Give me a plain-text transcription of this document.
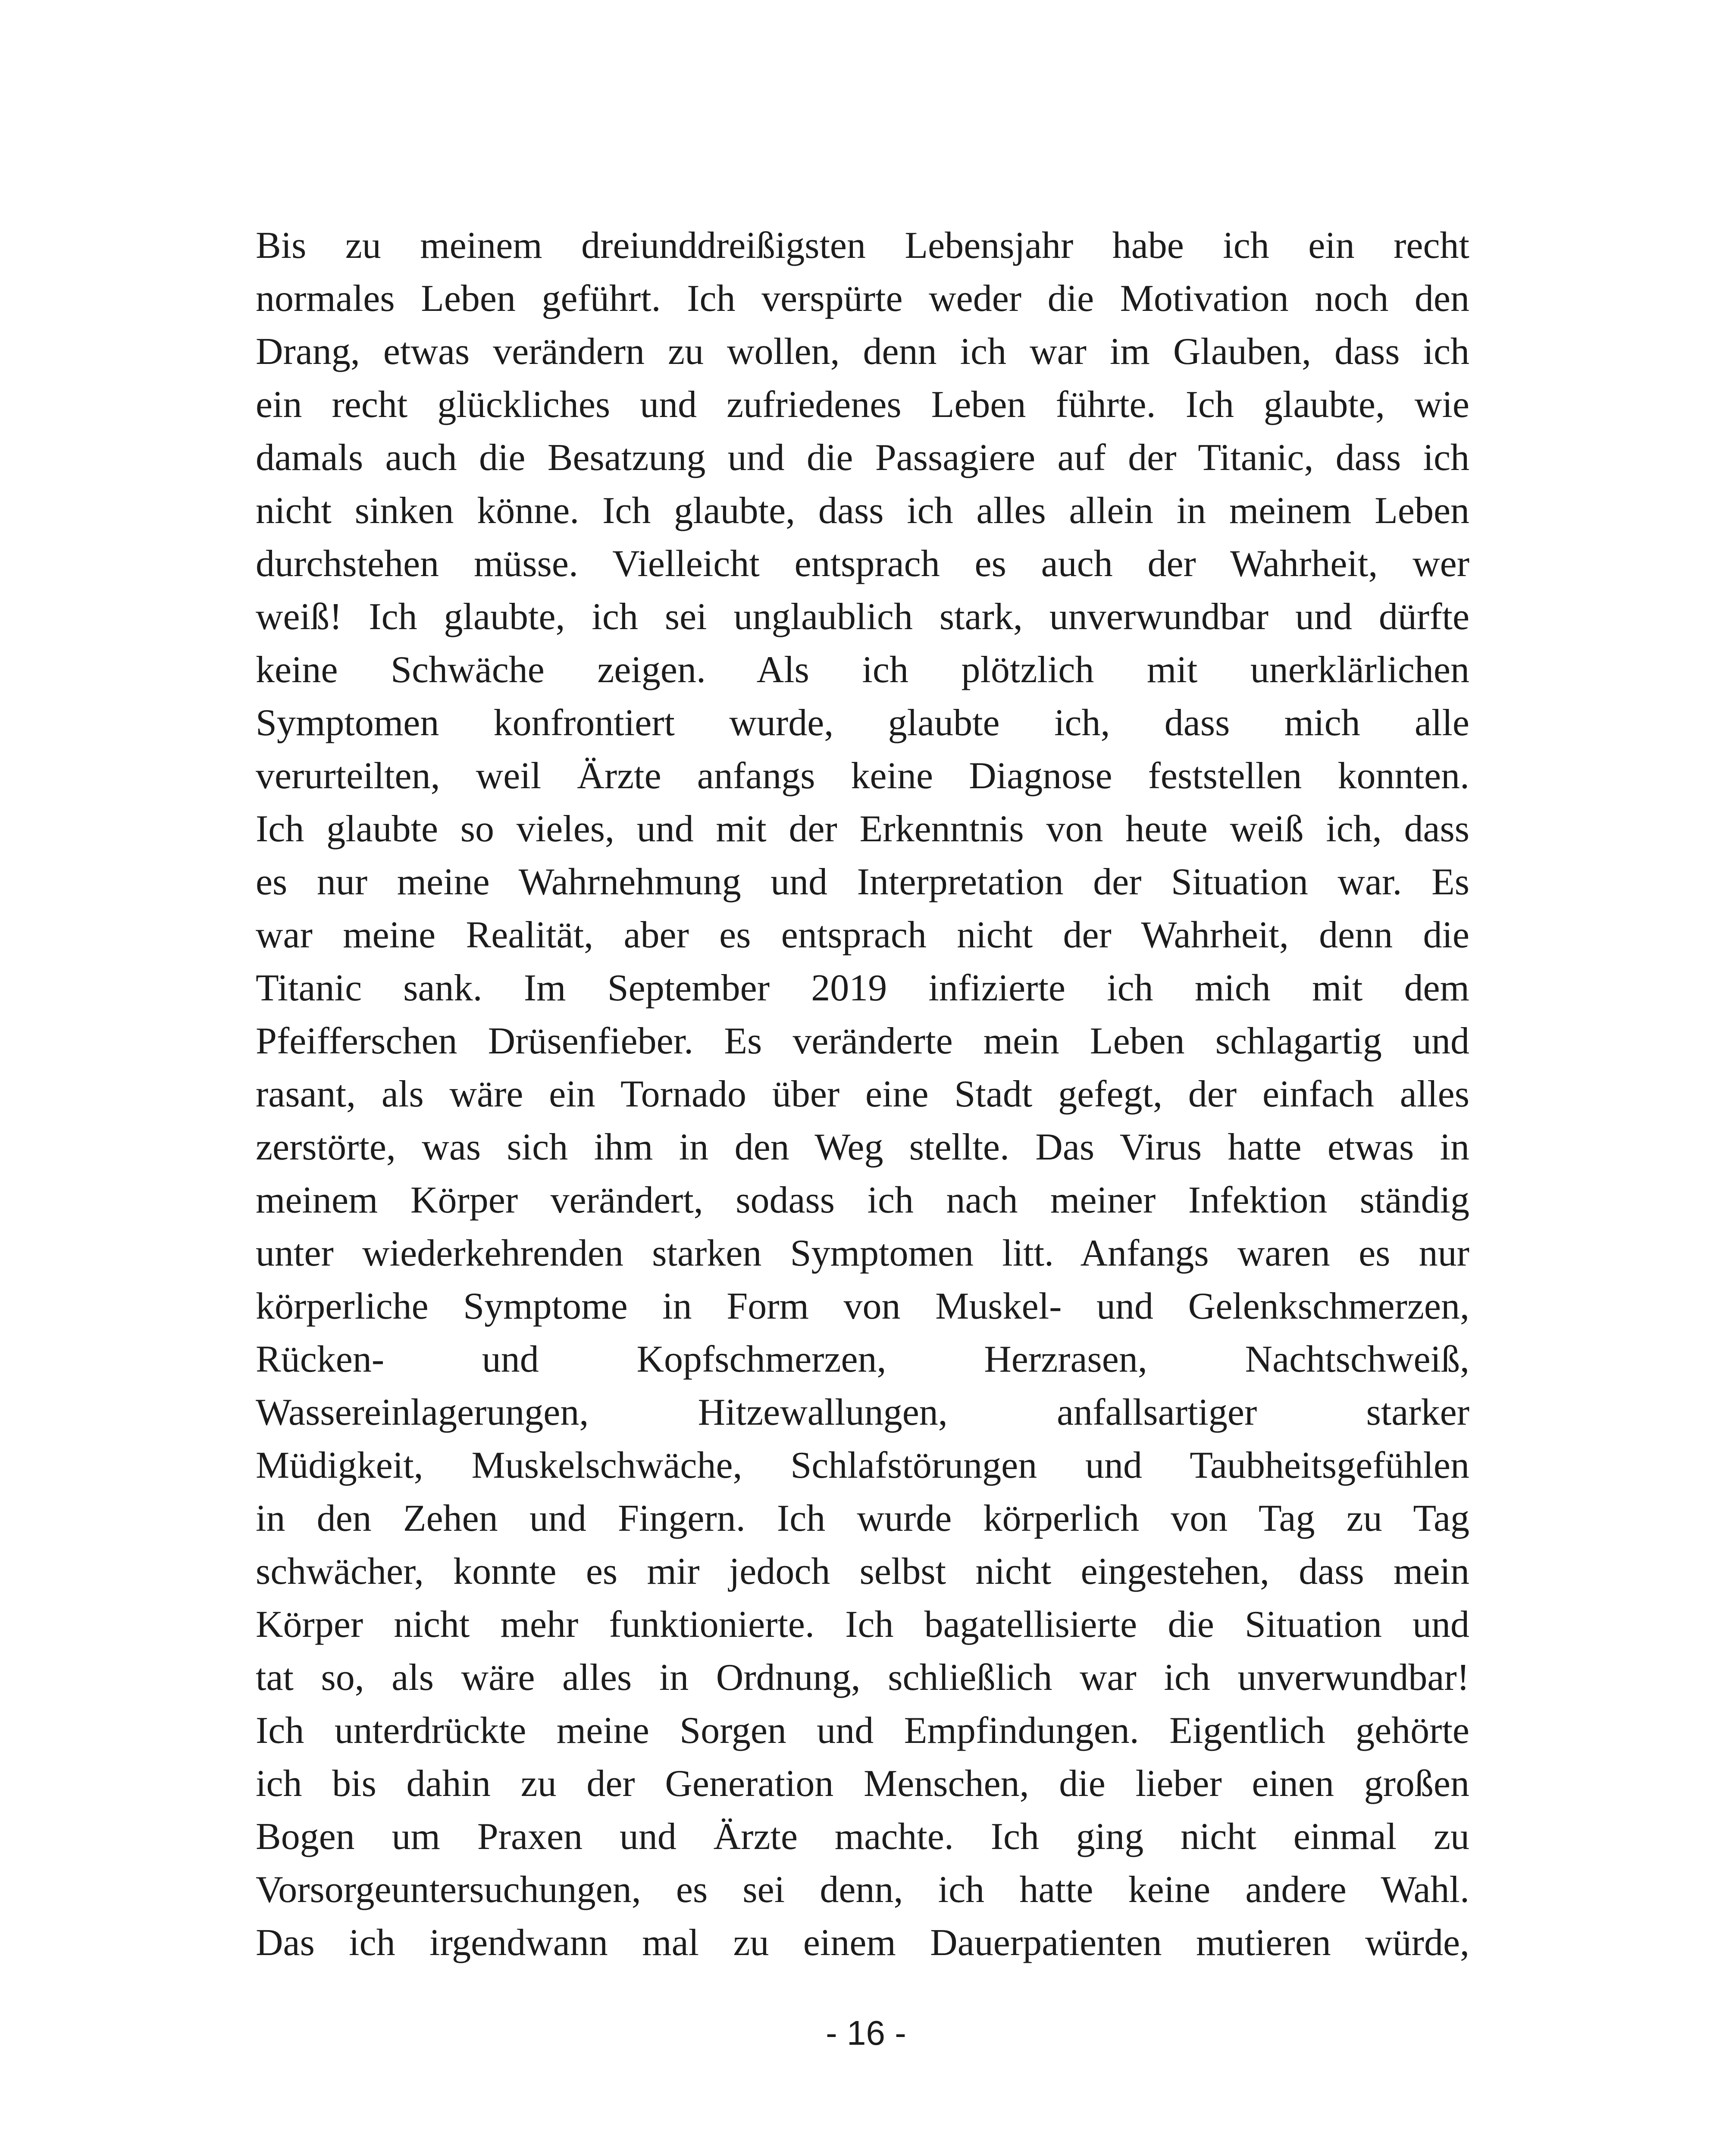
Bis zu meinem dreiunddreißigsten Lebensjahr habe ich ein recht
normales Leben geführt. Ich verspürte weder die Motivation noch den
Drang, etwas verändern zu wollen, denn ich war im Glauben, dass ich
ein recht glückliches und zufriedenes Leben führte. Ich glaubte, wie
damals auch die Besatzung und die Passagiere auf der Titanic, dass ich
nicht sinken könne. Ich glaubte, dass ich alles allein in meinem Leben
durchstehen müsse. Vielleicht entsprach es auch der Wahrheit, wer
weiß! Ich glaubte, ich sei unglaublich stark, unverwundbar und dürfte
keine Schwäche zeigen. Als ich plötzlich mit unerklärlichen
Symptomen konfrontiert wurde, glaubte ich, dass mich alle
verurteilten, weil Ärzte anfangs keine Diagnose feststellen konnten.
Ich glaubte so vieles, und mit der Erkenntnis von heute weiß ich, dass
es nur meine Wahrnehmung und Interpretation der Situation war. Es
war meine Realität, aber es entsprach nicht der Wahrheit, denn die
Titanic sank. Im September 2019 infizierte ich mich mit dem
Pfeifferschen Drüsenfieber. Es veränderte mein Leben schlagartig und
rasant, als wäre ein Tornado über eine Stadt gefegt, der einfach alles
zerstörte, was sich ihm in den Weg stellte. Das Virus hatte etwas in
meinem Körper verändert, sodass ich nach meiner Infektion ständig
unter wiederkehrenden starken Symptomen litt. Anfangs waren es nur
körperliche Symptome in Form von Muskel- und Gelenkschmerzen,
Rücken- und Kopfschmerzen, Herzrasen, Nachtschweiß,
Wassereinlagerungen, Hitzewallungen, anfallsartiger starker
Müdigkeit, Muskelschwäche, Schlafstörungen und Taubheitsgefühlen
in den Zehen und Fingern. Ich wurde körperlich von Tag zu Tag
schwächer, konnte es mir jedoch selbst nicht eingestehen, dass mein
Körper nicht mehr funktionierte. Ich bagatellisierte die Situation und
tat so, als wäre alles in Ordnung, schließlich war ich unverwundbar!
Ich unterdrückte meine Sorgen und Empfindungen. Eigentlich gehörte
ich bis dahin zu der Generation Menschen, die lieber einen großen
Bogen um Praxen und Ärzte machte. Ich ging nicht einmal zu
Vorsorgeuntersuchungen, es sei denn, ich hatte keine andere Wahl.
Das ich irgendwann mal zu einem Dauerpatienten mutieren würde,
- 16 -
